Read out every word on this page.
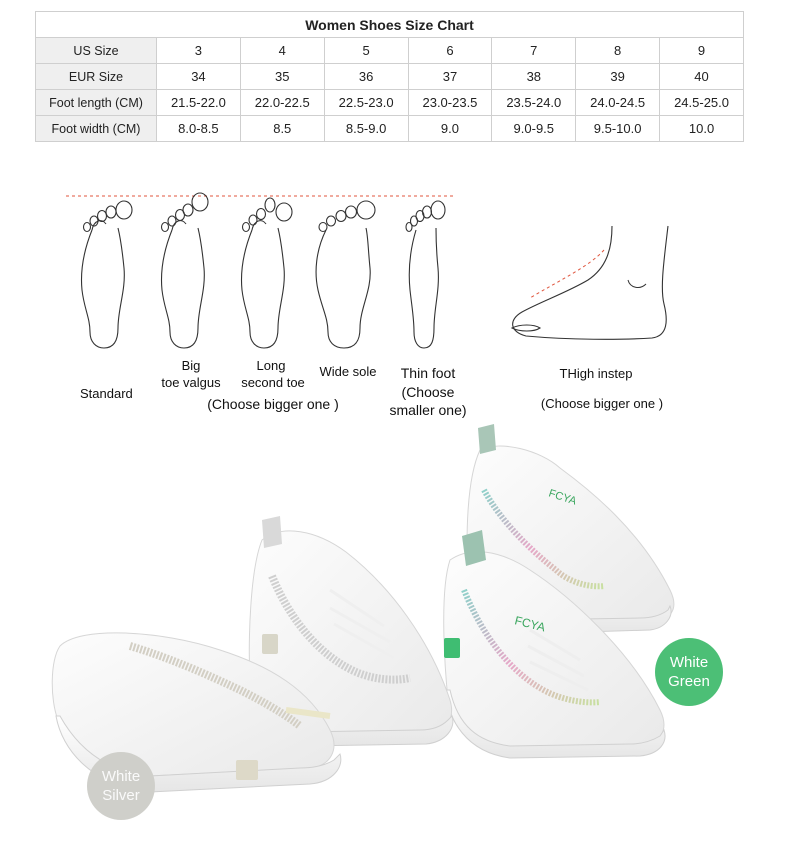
Women Shoes Size Chart							
US Size	3	4	5	6	7	8	9
EUR Size	34	35	36	37	38	39	40
Foot length (CM)	21.5-22.0	22.0-22.5	22.5-23.0	23.0-23.5	23.5-24.0	24.0-24.5	24.5-25.0
Foot width (CM)	8.0-8.5	8.5	8.5-9.0	9.0	9.0-9.5	9.5-10.0	10.0
Standard
Big
toe valgus
Long
second toe
Wide sole	Thin foot
(Choose
smaller one)
(Choose bigger one )
THigh instep
(Choose bigger one )
FCYA
FCYA
White
Green
White
Silver
